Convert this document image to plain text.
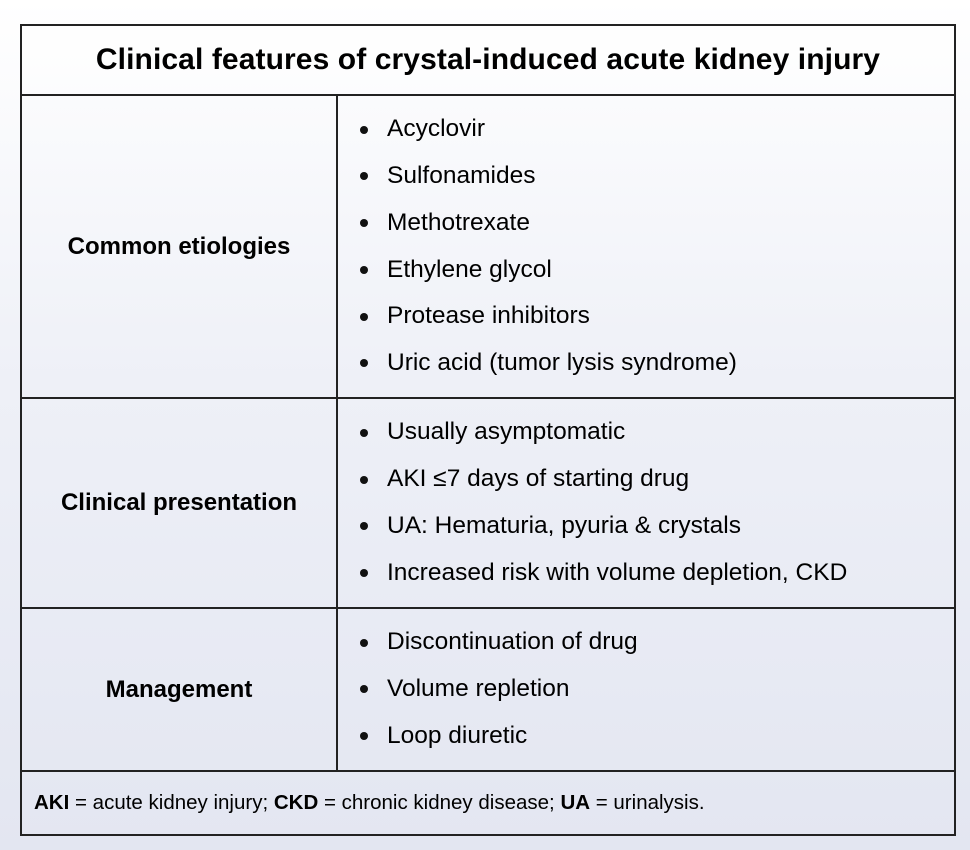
Clinical features of crystal-induced acute kidney injury
Common etiologies
Acyclovir
Sulfonamides
Methotrexate
Ethylene glycol
Protease inhibitors
Uric acid (tumor lysis syndrome)
Clinical presentation
Usually asymptomatic
AKI ≤7 days of starting drug
UA: Hematuria, pyuria & crystals
Increased risk with volume depletion, CKD
Management
Discontinuation of drug
Volume repletion
Loop diuretic
AKI = acute kidney injury; CKD = chronic kidney disease; UA = urinalysis.
